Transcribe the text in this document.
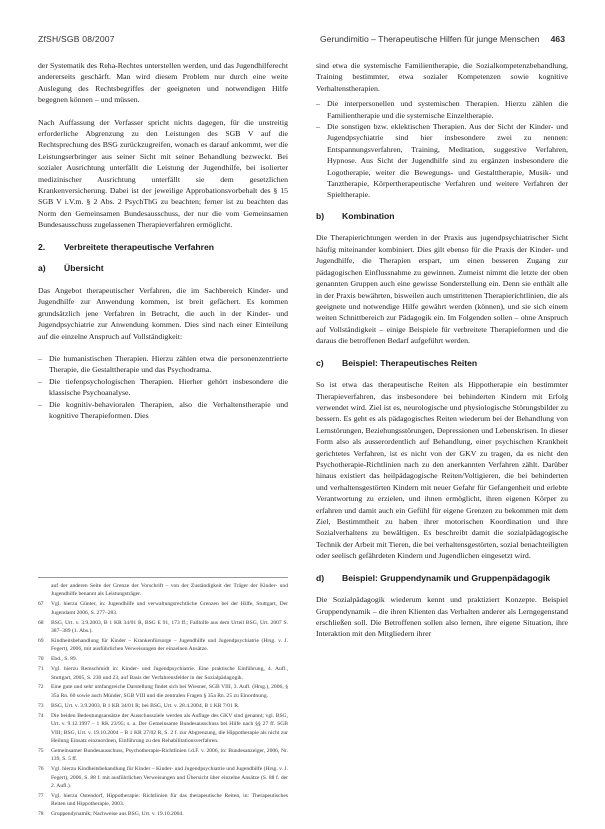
ZfSH/SGB 08/2007	Gerundimitio – Therapeutische Hilfen für junge Menschen 463

der Systematik des Reha-Rechtes unterstellen werden, und das Jugendhilferecht andererseits geschärft. Man wird diesem Problem nur durch eine weite Auslegung des Rechtsbegriffes der geeigneten und notwendigen Hilfe begegnen können – und müssen.

Nach Auffassung der Verfasser spricht nichts dagegen, für die unstreitig erforderliche Abgrenzung zu den Leistungen des SGB V auf die Rechtsprechung des BSG zurückzugreifen, wonach es darauf ankommt, wer die Leistungserbringer aus seiner Sicht mit seiner Behandlung bezweckt. Bei sozialer Ausrichtung unterfällt die Leistung der Jugendhilfe, bei isolierter medizinischer Ausrichtung unterfällt sie dem gesetzlichen Krankenversicherung. Dabei ist der jeweilige Approbationsvorbehalt des § 15 SGB V i.V.m. § 2 Abs. 2 PsychThG zu beachten; ferner ist zu beachten das Norm den Gemeinsamen Bundesausschuss, der nur die vom Gemeinsamen Bundesausschuss zugelassenen Therapieverfahren ermöglicht.

2.	Verbreitete therapeutische Verfahren
a)	Übersicht

Das Angebot therapeutischer Verfahren, die im Sachbereich Kinder- und Jugendhilfe zur Anwendung kommen, ist breit gefächert. Es kommen grundsätzlich jene Verfahren in Betracht, die auch in der Kinder- und Jugendpsychiatrie zur Anwendung kommen. Dies sind nach einer Einteilung auf die einzelne Anspruch auf Vollständigkeit:

– Die humanistischen Therapien. Hierzu zählen etwa die personenzentrierte Therapie, die Gestalttherapie und das Psychodrama.
– Die tiefenpsychologischen Therapien. Hierher gehört insbesondere die klassische Psychoanalyse.
– Die kognitiv-behavioralen Therapien, also die Verhaltenstherapie und kognitive Therapieformen. Dies
sind etwa die systemische Familientherapie, die Sozialkompetenzbehandlung, Training bestimmter, etwa sozialer Kompetenzen sowie kognitive Verhaltenstherapien.
– Die interpersonellen und systemischen Therapien. Hierzu zählen die Familientherapie und die systemische Einzeltherapie.
– Die sonstigen bzw. eklektischen Therapien. Aus der Sicht der Kinder- und Jugendpsychiatrie sind hier insbesondere zwei zu nennen: Entspannungsverfahren, Training, Meditation, suggestive Verfahren, Hypnose. Aus Sicht der Jugendhilfe sind zu ergänzen insbesondere die Logotherapie, weiter die Bewegungs- und Gestalttherapie, Musik- und Tanztherapie, Körpertherapeutische Verfahren und weitere Verfahren der Spieltherapie.
b)	Kombination

Die Therapierichtungen werden in der Praxis aus jugendpsychiatrischer Sicht häufig miteinander kombiniert. Dies gilt ebenso für die Praxis der Kinder- und Jugendhilfe, die Therapien erspart, um einen besseren Zugang zur pädagogischen Einflussnahme zu gewinnen. Zumeist nimmt die letzte der oben genannten Gruppen auch eine gewisse Sonderstellung ein. Denn sie enthält alle in der Praxis bewährten, bisweilen auch umstrittenen Therapierichtlinien, die als geeignete und notwendige Hilfe gewährt werden (können), und sie sich einem weiten Schnittbereich zur Pädagogik ein. Im Folgenden sollen – ohne Anspruch auf Vollständigkeit – einige Beispiele für verbreitete Therapieformen und die daraus die betroffenen Bedarf aufgeführt werden.

c)	Beispiel: Therapeutisches Reiten

So ist etwa das therapeutische Reiten als Hippotherapie ein bestimmter Therapieverfahren, das insbesondere bei behinderten Kindern mit Erfolg verwendet wird. Ziel ist es, neurologische und physiologische Störungsbilder zu bessern. Es geht es als pädagogisches Reiten wiederum bei der Behandlung von Lernstörungen, Beziehungsstörungen, Depressionen und Lebenskrisen. In dieser Form also als ausserordentlich auf Behandlung, einer psychischen Krankheit gerichtetes Verfahren, ist es nicht von der GKV zu tragen, da es nicht den Psychotherapie-Richtlinien nach zu den anerkannten Verfahren zählt. Darüber hinaus existiert das heilpädagogische Reiten/Voltigieren, die bei behinderten und verhaltensgestörten Kindern mit neuer Gefahr für Gefangenheit und erlebte Verantwortung zu erzielen, und ihnen ermöglicht, ihren eigenen Körper zu erfahren und damit auch ein Gefühl für eigene Grenzen zu bekommen mit dem Ziel, Bestimmtheit zu haben ihrer motorischen Koordination und ihre Sozialverhaltens zu bewältigen. Es beschreibt damit die sozialpädagogische Technik der Arbeit mit Tieren, die bei verhaltensgestörten, sozial benachteiligten oder seelisch gefährdeten Kindern und Jugendlichen eingesetzt wird.

d)	Beispiel: Gruppendynamik und Gruppenpädagogik

Die Sozialpädagogik wiederum kennt und praktiziert Konzepte. Beispiel Gruppendynamik – die ihren Klienten das Verhalten anderer als Lerngegenstand erschließen soll. Die Betroffenen sollen also lernen, ihre eigene Situation, ihre Interaktion mit den Mitgliedern ihrer

auf der anderen Seite der Grenze der Vorschrift – von der Zuständigkeit der Träger der Kinder- und Jugendhilfe benannt als Leistungsträger.
67	Vgl. hierzu Günter, in: Jugendhilfe und verwaltungsrechtliche Grenzen bei der Hilfe, Stuttgart, Der Jugendamt 2006, S. 277–283.
68	BSG, Urt. v. 3.9.2003, B 1 KR 34/01 R, BSG E 91, 173 ff.; Fallhilfe aus dem Urteil BSG, Urt. 2007 S. 387–389 (1. Abs.).
69	Kindheitsbehandlung für Kinder – Krankenfürsorge – Jugendhilfe und Jugendpsychiatrie (Hrsg. v. J. Fegert), 2006, mit ausführlichen Verweisungen der einzelnen Ansätze.
70	Ebd., S. 89.
71	Vgl. hierzu Remschmidt in: Kinder- und Jugendpsychiatrie. Eine praktische Einführung, 4. Aufl., Stuttgart, 2005, S. 230 und 23, auf Basis der Verfahrensfelder in der Sozialpädagogik.
72	Eine gute und sehr umfangreiche Darstellung findet sich bei Wiesner, SGB VIII, 3. Aufl. (Hrsg.), 2006, § 35a Rn. 60 sowie auch Münder, SGB VIII und die zentralen Fragen § 35a Rn. 25 zu Einordnung.
73	BSG, Urt. v. 3.9.2003, B 1 KR 34/01 R; bei BSG, Urt. v. 28.4.2004, B 1 KR 7/01 R.
74	Die beiden Bedeutungsansätze der Ausschussziele werden als Auflage des GKV sind genannt; vgl. BSG, Urt. v. 9.12.1997 – 1 RK 23/95; s. a. Der Gemeinsame Bundesausschuss bei Hilfe nach §§ 27 ff. SGB VIII; BSG, Urt. v. 19.10.2004 – B 1 KR 27/02 R, S. 2 f. zur Abgrenzung, die Hippotherapie als nicht zur Heilung Einsatz einzuordnen, Einführung zu den Rehabilitationsverfahren.
75	Gemeinsamer Bundesausschuss, Psychotherapie-Richtlinien i.d.F. v. 2006, in: Bundesanzeiger, 2006, Nr. 139, S. 5 ff.
76	Vgl. hierzu Kindheitsbehandlung für Kinder – Kinder- und Jugendpsychiatrie und Jugendhilfe (Hrsg. v. J. Fegert), 2006, S. 88 f. mit ausführlichen Verweisungen und Übersicht über einzelne Ansätze (S. 88 f. der 2. Aufl.).
77	Vgl. hierzu Ostendorf, Hippotherapie: Richtlinien für das therapeutische Reiten, in: Therapeutisches Reiten und Hippotherapie, 2003.
78	Gruppendynamik; Nachweise aus BSG, Urt. v. 19.10.2004.
